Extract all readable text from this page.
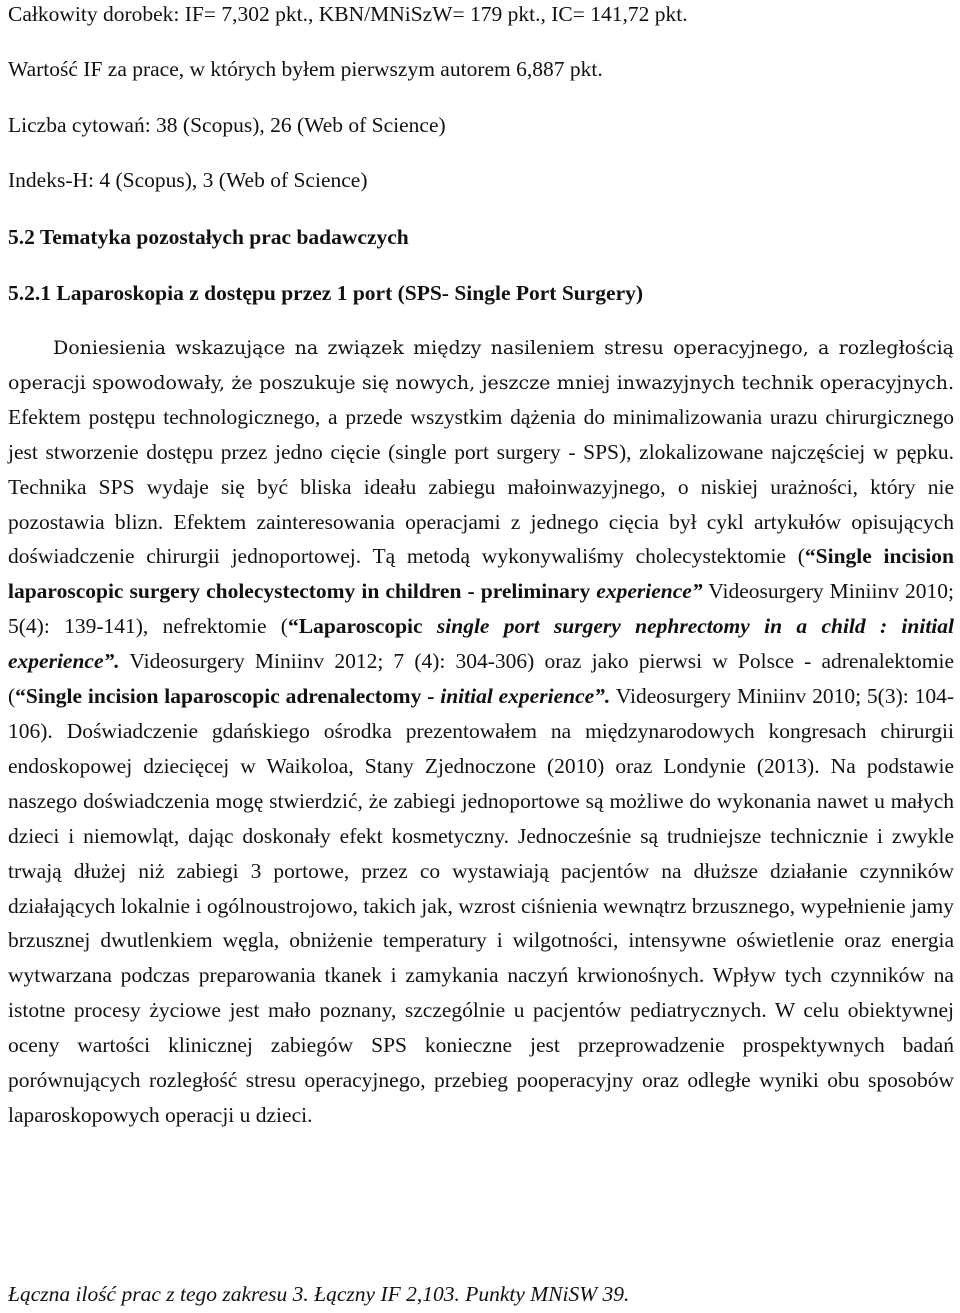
Całkowity dorobek: IF= 7,302 pkt., KBN/MNiSzW= 179 pkt., IC= 141,72 pkt.
Wartość IF za prace, w których byłem pierwszym autorem 6,887 pkt.
Liczba cytowań: 38 (Scopus), 26 (Web of Science)
Indeks-H: 4 (Scopus), 3 (Web of Science)
5.2 Tematyka pozostałych prac badawczych
5.2.1 Laparoskopia z dostępu przez 1 port (SPS- Single Port Surgery)
Doniesienia wskazujące na związek między nasileniem stresu operacyjnego, a rozległością operacji spowodowały, że poszukuje się nowych, jeszcze mniej inwazyjnych technik operacyjnych. Efektem postępu technologicznego, a przede wszystkim dążenia do minimalizowania urazu chirurgicznego jest stworzenie dostępu przez jedno cięcie (single port surgery - SPS), zlokalizowane najczęściej w pępku. Technika SPS wydaje się być bliska ideału zabiegu małoinwazyjnego, o niskiej urażności, który nie pozostawia blizn. Efektem zainteresowania operacjami z jednego cięcia był cykl artykułów opisujących doświadczenie chirurgii jednoportowej. Tą metodą wykonywaliśmy cholecystektomie (“Single incision laparoscopic surgery cholecystectomy in children - preliminary experience” Videosurgery Miniinv 2010; 5(4): 139-141), nefrektomie (“Laparoscopic single port surgery nephrectomy in a child : initial experience”. Videosurgery Miniinv 2012; 7 (4): 304-306) oraz jako pierwsi w Polsce - adrenalektomie (“Single incision laparoscopic adrenalectomy - initial experience”. Videosurgery Miniinv 2010; 5(3): 104-106). Doświadczenie gdańskiego ośrodka prezentowałem na międzynarodowych kongresach chirurgii endoskopowej dziecięcej w Waikoloa, Stany Zjednoczone (2010) oraz Londynie (2013). Na podstawie naszego doświadczenia mogę stwierdzić, że zabiegi jednoportowe są możliwe do wykonania nawet u małych dzieci i niemowląt, dając doskonały efekt kosmetyczny. Jednocześnie są trudniejsze technicznie i zwykle trwają dłużej niż zabiegi 3 portowe, przez co wystawiają pacjentów na dłuższe działanie czynników działających lokalnie i ogólnoustrojowo, takich jak, wzrost ciśnienia wewnątrz brzusznego, wypełnienie jamy brzusznej dwutlenkiem węgla, obniżenie temperatury i wilgotności, intensywne oświetlenie oraz energia wytwarzana podczas preparowania tkanek i zamykania naczyń krwionośnych. Wpływ tych czynników na istotne procesy życiowe jest mało poznany, szczególnie u pacjentów pediatrycznych. W celu obiektywnej oceny wartości klinicznej zabiegów SPS konieczne jest przeprowadzenie prospektywnych badań porównujących rozległość stresu operacyjnego, przebieg pooperacyjny oraz odległe wyniki obu sposobów laparoskopowych operacji u dzieci.
Łączna ilość prac z tego zakresu 3. Łączny IF 2,103. Punkty MNiSW 39.
